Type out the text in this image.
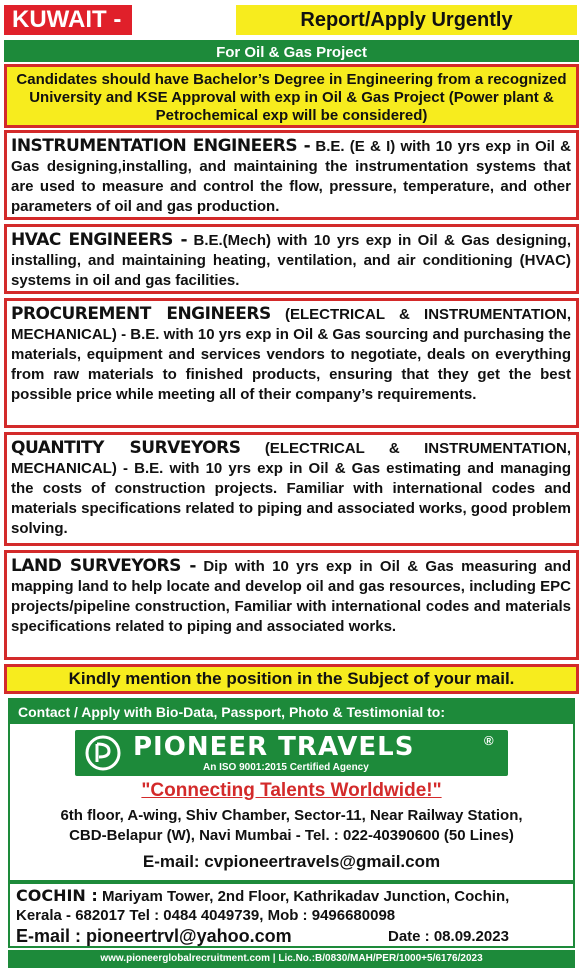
KUWAIT -	Report/Apply Urgently
For Oil & Gas Project
Candidates should have Bachelor’s Degree in Engineering from a recognized University and KSE Approval with exp in Oil & Gas Project (Power plant & Petrochemical exp will be considered)
INSTRUMENTATION ENGINEERS - B.E. (E & I) with 10 yrs exp in Oil & Gas designing,installing, and maintaining the instrumentation systems that are used to measure and control the flow, pressure, temperature, and other parameters of oil and gas production.
HVAC ENGINEERS - B.E.(Mech) with 10 yrs exp in Oil & Gas designing, installing, and maintaining heating, ventilation, and air conditioning (HVAC) systems in oil and gas facilities.
PROCUREMENT ENGINEERS (ELECTRICAL & INSTRUMENTATION, MECHANICAL) - B.E. with 10 yrs exp in Oil & Gas sourcing and purchasing the materials, equipment and services vendors to negotiate, deals on everything from raw materials to finished products, ensuring that they get the best possible price while meeting all of their company’s requirements.
QUANTITY SURVEYORS (ELECTRICAL & INSTRUMENTATION, MECHANICAL) - B.E. with 10 yrs exp in Oil & Gas estimating and managing the costs of construction projects. Familiar with international codes and materials specifications related to piping and associated works, good problem solving.
LAND SURVEYORS - Dip with 10 yrs exp in Oil & Gas measuring and mapping land to help locate and develop oil and gas resources, including EPC projects/pipeline construction, Familiar with international codes and materials specifications related to piping and associated works.
Kindly mention the position in the Subject of your mail.
Contact / Apply with Bio-Data, Passport, Photo & Testimonial to:
PIONEER TRAVELS	®
An ISO 9001:2015 Certified Agency
"Connecting Talents Worldwide!"
6th floor, A-wing, Shiv Chamber, Sector-11, Near Railway Station,
CBD-Belapur (W), Navi Mumbai - Tel. : 022-40390600 (50 Lines)
E-mail: cvpioneertravels@gmail.com
COCHIN : Mariyam Tower, 2nd Floor, Kathrikadav Junction, Cochin,
Kerala - 682017 Tel : 0484 4049739, Mob : 9496680098
E-mail : pioneertrvl@yahoo.com	Date : 08.09.2023
www.pioneerglobalrecruitment.com | Lic.No.:B/0830/MAH/PER/1000+5/6176/2023
